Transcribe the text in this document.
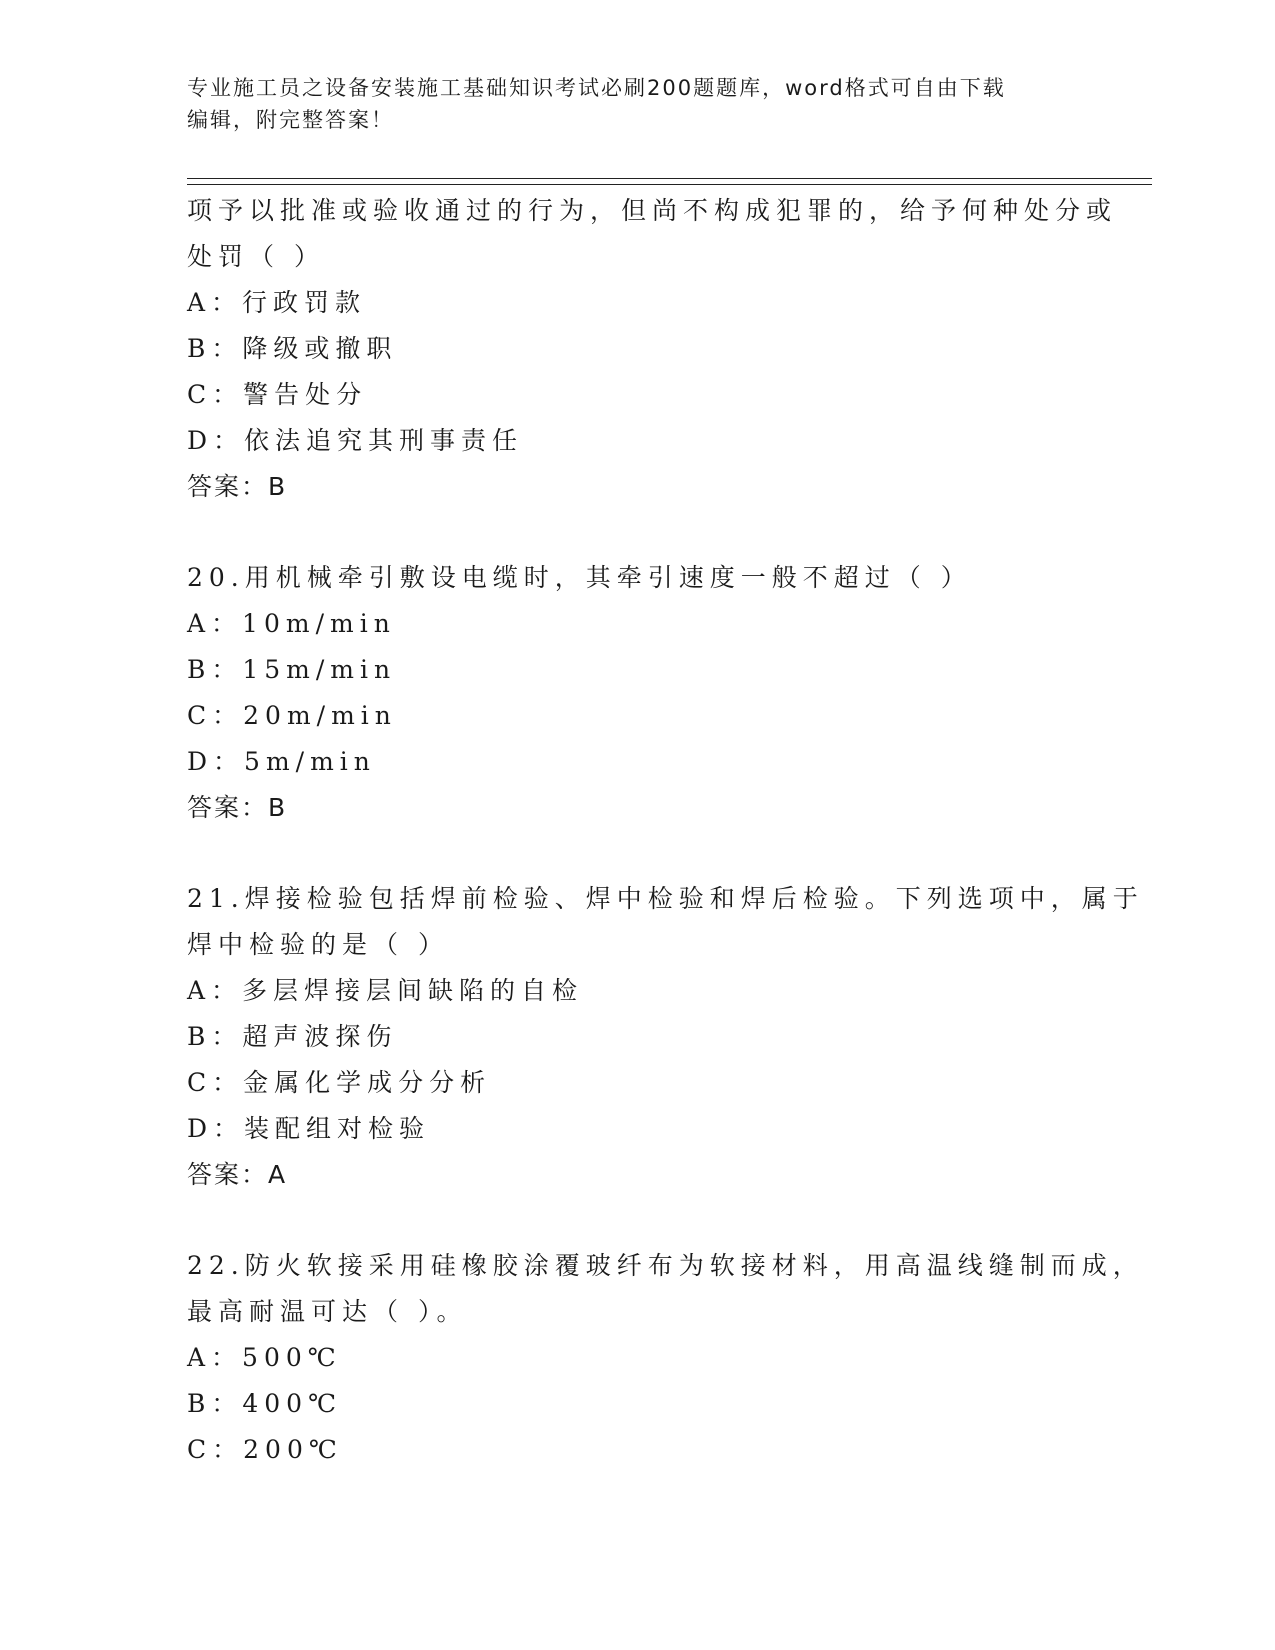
专业施工员之设备安装施工基础知识考试必刷200题题库，word格式可自由下载
编辑，附完整答案！
项予以批准或验收通过的行为，但尚不构成犯罪的，给予何种处分或
处罚（ ）
A：行政罚款
B：降级或撤职
C：警告处分
D：依法追究其刑事责任
答案：B
20.用机械牵引敷设电缆时，其牵引速度一般不超过（ ）
A：10m/min
B：15m/min
C：20m/min
D：5m/min
答案：B
21.焊接检验包括焊前检验、焊中检验和焊后检验。下列选项中，属于
焊中检验的是（ ）
A：多层焊接层间缺陷的自检
B：超声波探伤
C：金属化学成分分析
D：装配组对检验
答案：A
22.防火软接采用硅橡胶涂覆玻纤布为软接材料，用高温线缝制而成，
最高耐温可达（ ）。
A：500℃
B：400℃
C：200℃
